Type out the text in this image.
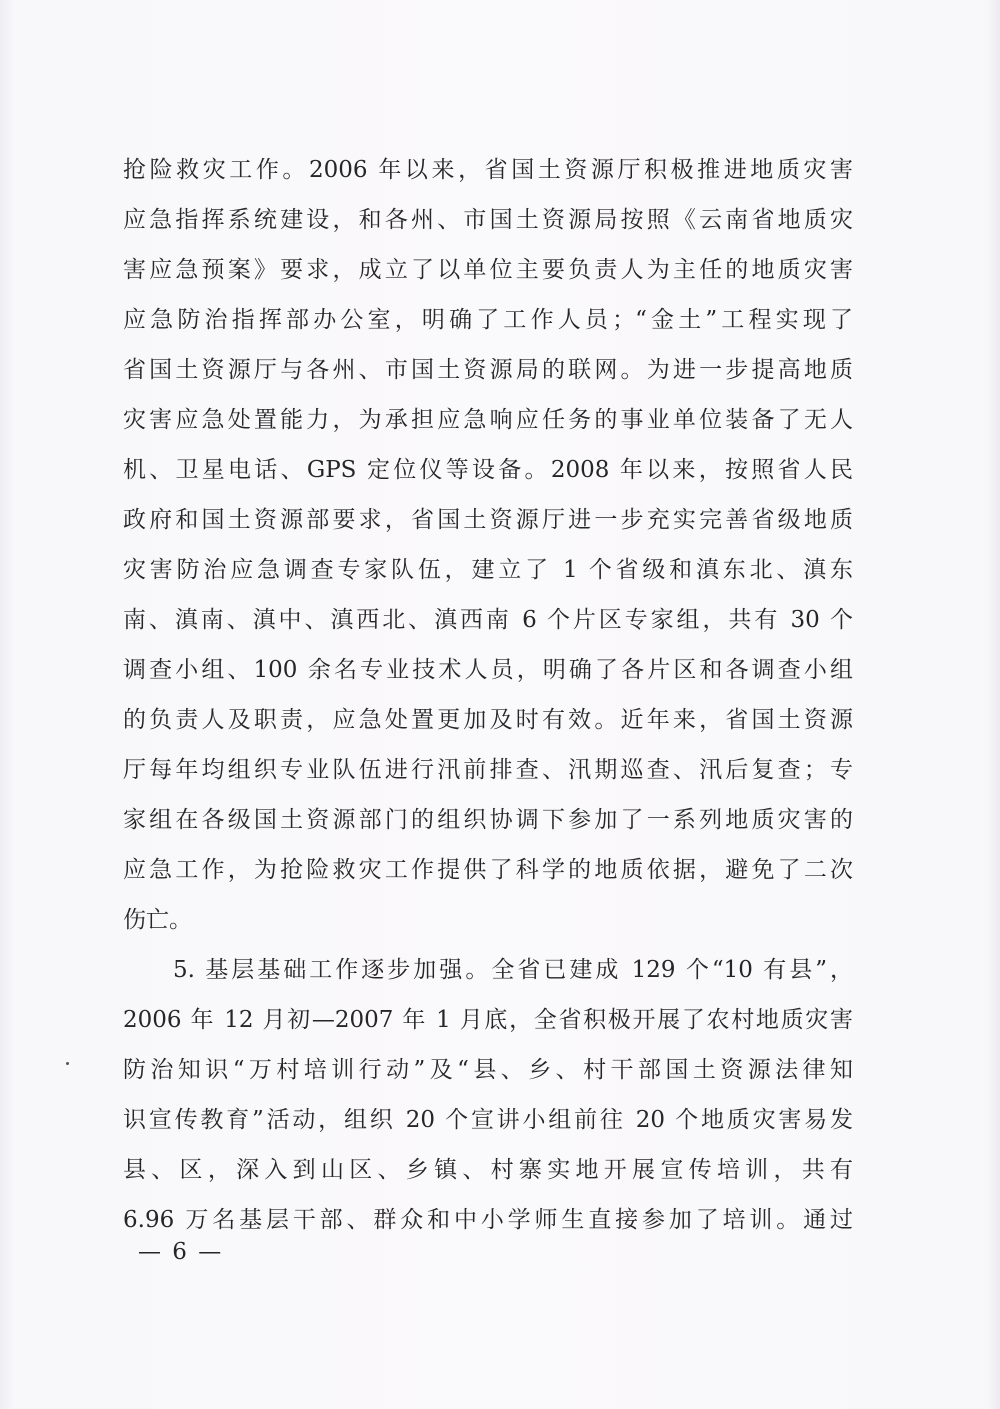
抢险救灾工作。2006 年以来，省国土资源厅积极推进地质灾害
应急指挥系统建设，和各州、市国土资源局按照《云南省地质灾
害应急预案》要求，成立了以单位主要负责人为主任的地质灾害
应急防治指挥部办公室，明确了工作人员；“金土”工程实现了
省国土资源厅与各州、市国土资源局的联网。为进一步提高地质
灾害应急处置能力，为承担应急响应任务的事业单位装备了无人
机、卫星电话、GPS 定位仪等设备。2008 年以来，按照省人民
政府和国土资源部要求，省国土资源厅进一步充实完善省级地质
灾害防治应急调查专家队伍，建立了 1 个省级和滇东北、滇东
南、滇南、滇中、滇西北、滇西南 6 个片区专家组，共有 30 个
调查小组、100 余名专业技术人员，明确了各片区和各调查小组
的负责人及职责，应急处置更加及时有效。近年来，省国土资源
厅每年均组织专业队伍进行汛前排查、汛期巡查、汛后复查；专
家组在各级国土资源部门的组织协调下参加了一系列地质灾害的
应急工作，为抢险救灾工作提供了科学的地质依据，避免了二次
伤亡。
5. 基层基础工作逐步加强。全省已建成 129 个“10 有县”，
2006 年 12 月初—2007 年 1 月底，全省积极开展了农村地质灾害
防治知识“万村培训行动”及“县、乡、村干部国土资源法律知
识宣传教育”活动，组织 20 个宣讲小组前往 20 个地质灾害易发
县、区，深入到山区、乡镇、村寨实地开展宣传培训，共有
6.96 万名基层干部、群众和中小学师生直接参加了培训。通过
— 6 —
